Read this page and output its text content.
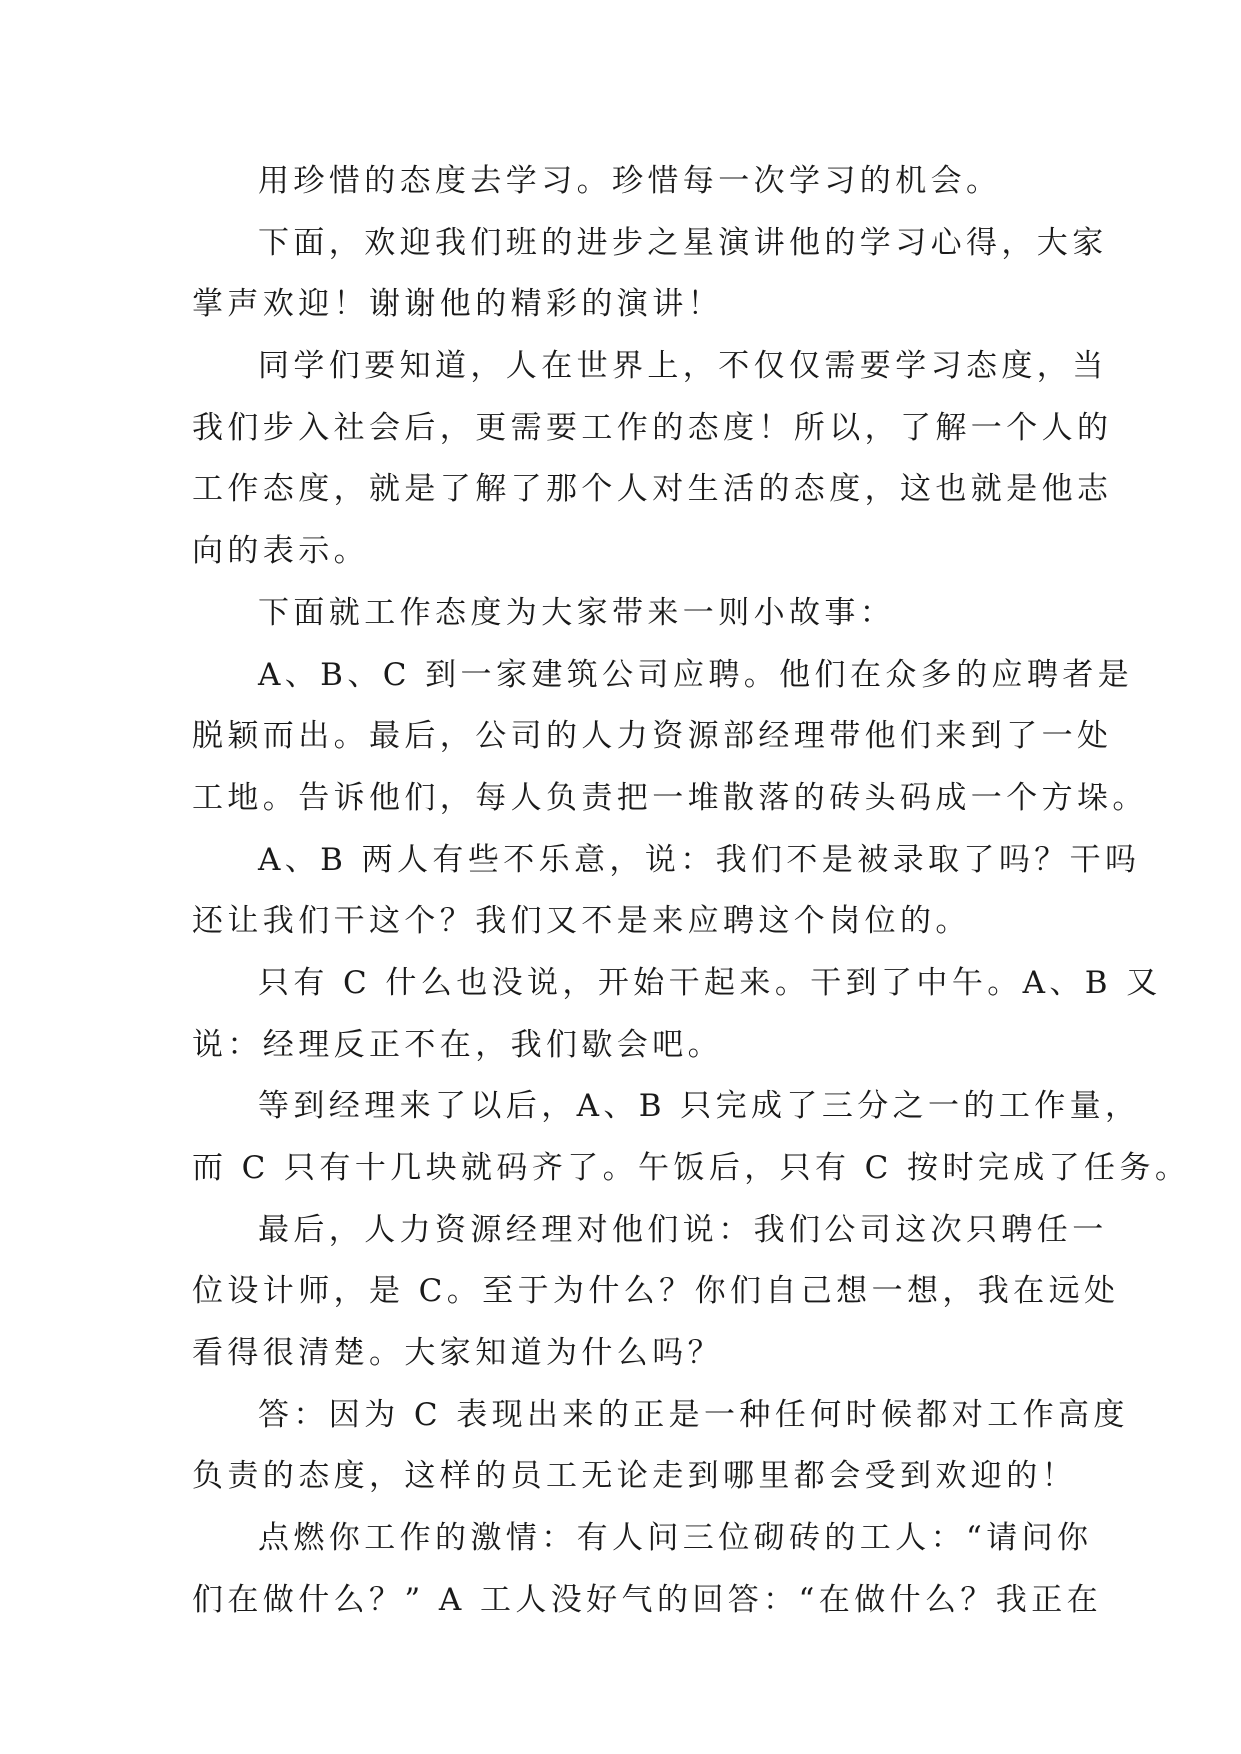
用珍惜的态度去学习。珍惜每一次学习的机会。
下面，欢迎我们班的进步之星演讲他的学习心得，大家
掌声欢迎！谢谢他的精彩的演讲！
同学们要知道，人在世界上，不仅仅需要学习态度，当
我们步入社会后，更需要工作的态度！所以，了解一个人的
工作态度，就是了解了那个人对生活的态度，这也就是他志
向的表示。
下面就工作态度为大家带来一则小故事：
A、B、C 到一家建筑公司应聘。他们在众多的应聘者是
脱颖而出。最后，公司的人力资源部经理带他们来到了一处
工地。告诉他们，每人负责把一堆散落的砖头码成一个方垛。
A、B 两人有些不乐意，说：我们不是被录取了吗？干吗
还让我们干这个？我们又不是来应聘这个岗位的。
只有 C 什么也没说，开始干起来。干到了中午。A、B 又
说：经理反正不在，我们歇会吧。
等到经理来了以后，A、B 只完成了三分之一的工作量，
而 C 只有十几块就码齐了。午饭后，只有 C 按时完成了任务。
最后，人力资源经理对他们说：我们公司这次只聘任一
位设计师，是 C。至于为什么？你们自己想一想，我在远处
看得很清楚。大家知道为什么吗？
答：因为 C 表现出来的正是一种任何时候都对工作高度
负责的态度，这样的员工无论走到哪里都会受到欢迎的！
点燃你工作的激情：有人问三位砌砖的工人：“请问你
们在做什么？” A 工人没好气的回答：“在做什么？我正在
